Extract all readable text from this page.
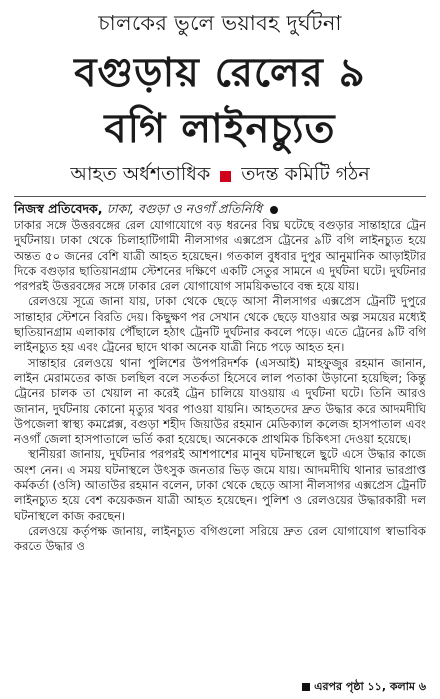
চালকের ভুলে ভয়াবহ দুর্ঘটনা
বগুড়ায় রেলের ৯
বগি লাইনচ্যুত
আহত অর্ধশতাধিক তদন্ত কমিটি গঠন
নিজস্ব প্রতিবেদক, ঢাকা, বগুড়া ও নওগাঁ প্রতিনিধি

ঢাকার সঙ্গে উত্তরবঙ্গের রেল যোগাযোগে বড় ধরনের বিঘ্ন ঘটেছে বগুড়ার সান্তাহারে ট্রেন দুর্ঘটনায়। ঢাকা থেকে চিলাহাটিগামী নীলসাগর এক্সপ্রেস ট্রেনের ৯টি বগি লাইনচ্যুত হয়ে অন্তত ৫০ জনের বেশি যাত্রী আহত হয়েছেন। গতকাল বুধবার দুপুর আনুমানিক আড়াইটার দিকে বগুড়ার ছাতিয়ানগ্রাম স্টেশনের দক্ষিণে একটি সেতুর সামনে এ দুর্ঘটনা ঘটে। দুর্ঘটনার পরপরই উত্তরবঙ্গের সঙ্গে ঢাকার রেল যোগাযোগ সাময়িকভাবে বন্ধ হয়ে যায়।

রেলওয়ে সূত্রে জানা যায়, ঢাকা থেকে ছেড়ে আসা নীলসাগর এক্সপ্রেস ট্রেনটি দুপুরে সান্তাহার স্টেশনে বিরতি দেয়। কিছুক্ষণ পর সেখান থেকে ছেড়ে যাওয়ার অল্প সময়ের মধ্যেই ছাতিয়ানগ্রাম এলাকায় পৌঁছালে হঠাৎ ট্রেনটি দুর্ঘটনার কবলে পড়ে। এতে ট্রেনের ৯টি বগি লাইনচ্যুত হয় এবং ট্রেনের ছাদে থাকা অনেক যাত্রী নিচে পড়ে আহত হন।

সান্তাহার রেলওয়ে থানা পুলিশের উপপরিদর্শক (এসআই) মাহফুজুর রহমান জানান, লাইন মেরামতের কাজ চলছিল বলে সতর্কতা হিসেবে লাল পতাকা উড়ানো হয়েছিল; কিন্তু ট্রেনের চালক তা খেয়াল না করেই ট্রেন চালিয়ে যাওয়ায় এ দুর্ঘটনা ঘটে। তিনি আরও জানান, দুর্ঘটনায় কোনো মৃত্যুর খবর পাওয়া যায়নি। আহতদের দ্রুত উদ্ধার করে আদমদীঘি উপজেলা স্বাস্থ্য কমপ্লেক্স, বগুড়া শহীদ জিয়াউর রহমান মেডিক্যাল কলেজ হাসপাতাল এবং নওগাঁ জেলা হাসপাতালে ভর্তি করা হয়েছে। অনেককে প্রাথমিক চিকিৎসা দেওয়া হয়েছে।

স্থানীয়রা জানায়, দুর্ঘটনার পরপরই আশপাশের মানুষ ঘটনাস্থলে ছুটে এসে উদ্ধার কাজে অংশ নেন। এ সময় ঘটনাস্থলে উৎসুক জনতার ভিড় জমে যায়। আদমদীঘি থানার ভারপ্রাপ্ত কর্মকর্তা (ওসি) আতাউর রহমান বলেন, ঢাকা থেকে ছেড়ে আসা নীলসাগর এক্সপ্রেস ট্রেনটি লাইনচ্যুত হয়ে বেশ কয়েকজন যাত্রী আহত হয়েছেন। পুলিশ ও রেলওয়ের উদ্ধারকারী দল ঘটনাস্থলে কাজ করছেন।

রেলওয়ে কর্তৃপক্ষ জানায়, লাইনচ্যুত বগিগুলো সরিয়ে দ্রুত রেল যোগাযোগ স্বাভাবিক করতে উদ্ধার ও

এরপর পৃষ্ঠা ১১, কলাম ৬
